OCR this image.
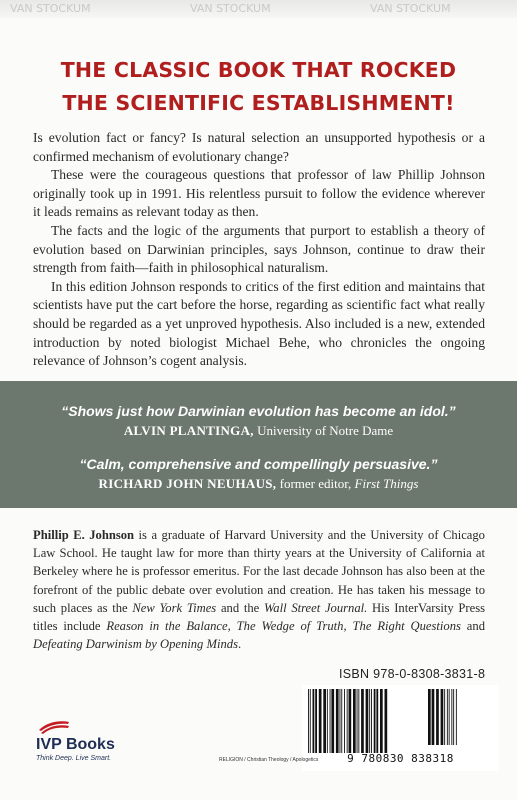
VAN STOCKUM	VAN STOCKUM	VAN STOCKUM
THE CLASSIC BOOK THAT ROCKED
THE SCIENTIFIC ESTABLISHMENT!

Is evolution fact or fancy? Is natural selection an unsupported hypothesis or a confirmed mechanism of evolutionary change?

These were the courageous questions that professor of law Phillip Johnson originally took up in 1991. His relentless pursuit to follow the evidence wherever it leads remains as relevant today as then.

The facts and the logic of the arguments that purport to establish a theory of evolution based on Darwinian principles, says Johnson, continue to draw their strength from faith—faith in philosophical naturalism.

In this edition Johnson responds to critics of the first edition and maintains that scientists have put the cart before the horse, regarding as scientific fact what really should be regarded as a yet unproved hypothesis. Also included is a new, extended introduction by noted biologist Michael Behe, who chronicles the ongoing relevance of Johnson’s cogent analysis.

“Shows just how Darwinian evolution has become an idol.”
ALVIN PLANTINGA, University of Notre Dame
“Calm, comprehensive and compellingly persuasive.”
RICHARD JOHN NEUHAUS, former editor, First Things

Phillip E. Johnson is a graduate of Harvard University and the University of Chicago Law School. He taught law for more than thirty years at the University of California at Berkeley where he is professor emeritus. For the last decade Johnson has also been at the forefront of the public debate over evolution and creation. He has taken his message to such places as the New York Times and the Wall Street Journal. His InterVarsity Press titles include Reason in the Balance, The Wedge of Truth, The Right Questions and Defeating Darwinism by Opening Minds.

ISBN 978-0-8308-3831-8
9 780830 838318
RELIGION / Christian Theology / Apologetics
IVP Books
Think Deep. Live Smart.
